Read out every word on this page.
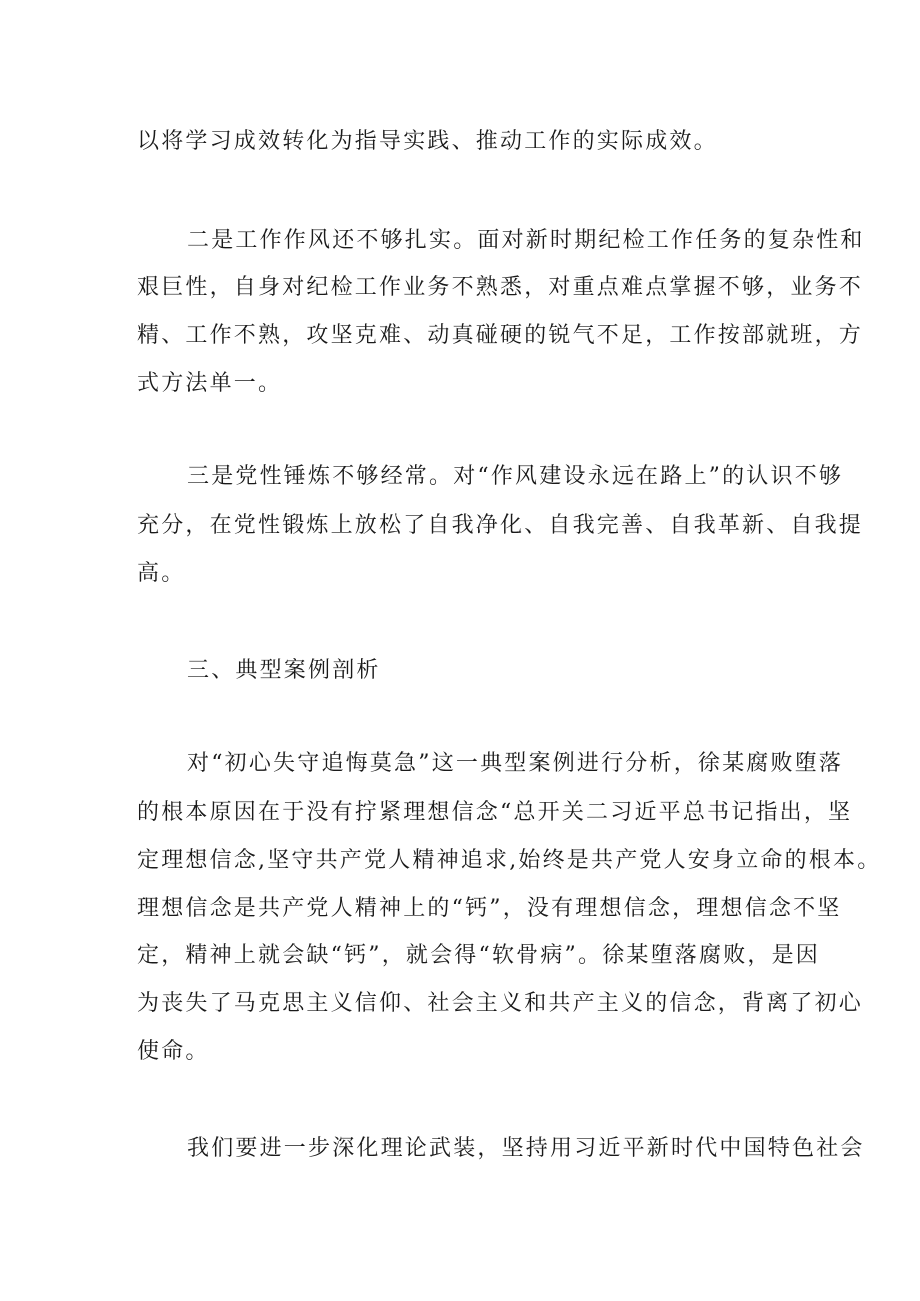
以将学习成效转化为指导实践、推动工作的实际成效。
二是工作作风还不够扎实。面对新时期纪检工作任务的复杂性和
艰巨性，自身对纪检工作业务不熟悉，对重点难点掌握不够，业务不
精、工作不熟，攻坚克难、动真碰硬的锐气不足，工作按部就班，方
式方法单一。
三是党性锤炼不够经常。对“作风建设永远在路上”的认识不够
充分，在党性锻炼上放松了自我净化、自我完善、自我革新、自我提
高。
三、典型案例剖析
对“初心失守追悔莫急”这一典型案例进行分析，徐某腐败堕落
的根本原因在于没有拧紧理想信念“总开关二习近平总书记指出，坚
定理想信念,坚守共产党人精神追求,始终是共产党人安身立命的根本。
理想信念是共产党人精神上的“钙”，没有理想信念，理想信念不坚
定，精神上就会缺“钙”，就会得“软骨病”。徐某堕落腐败，是因
为丧失了马克思主义信仰、社会主义和共产主义的信念，背离了初心
使命。
我们要进一步深化理论武装，坚持用习近平新时代中国特色社会
